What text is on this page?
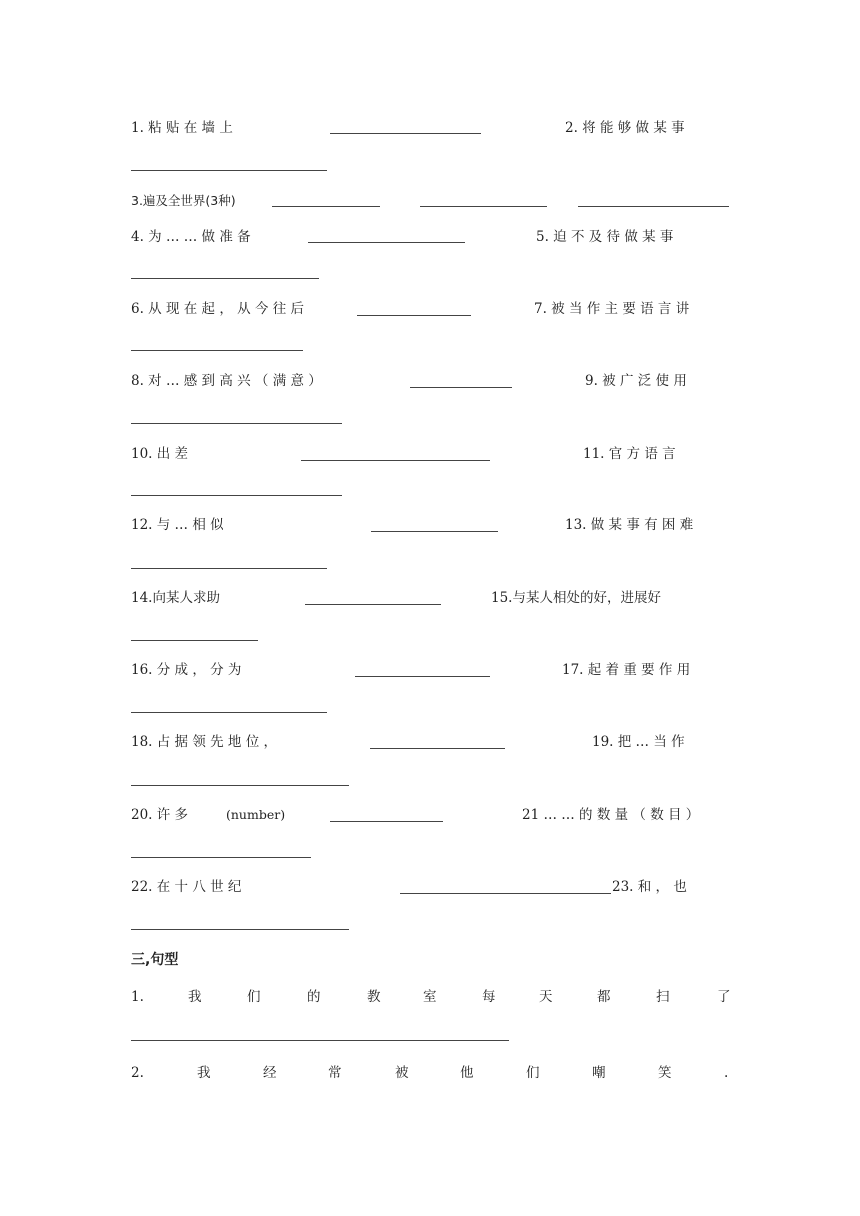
1. 粘 贴 在 墙 上	2. 将 能 够 做 某 事
3.遍及全世界(3种)
4. 为 … … 做 准 备	5. 迫 不 及 待 做 某 事
6. 从 现 在 起 ， 从 今 往 后	7. 被 当 作 主 要 语 言 讲
8. 对 … 感 到 高 兴 （ 满 意 ）	9. 被 广 泛 使 用
10. 出 差	11. 官 方 语 言
12. 与 … 相 似	13. 做 某 事 有 困 难
14.向某人求助	15.与某人相处的好，进展好
16. 分 成 ， 分 为	17. 起 着 重 要 作 用
18. 占 据 领 先 地 位 ，	19. 把 … 当 作
20. 许 多	(number)	21 … … 的 数 量 （ 数 目 ）
22. 在 十 八 世 纪	23. 和 ， 也
三,句型
1.	我	们	的	教	室	每	天	都	扫	了
2.	我	经	常	被	他	们	嘲	笑	.
